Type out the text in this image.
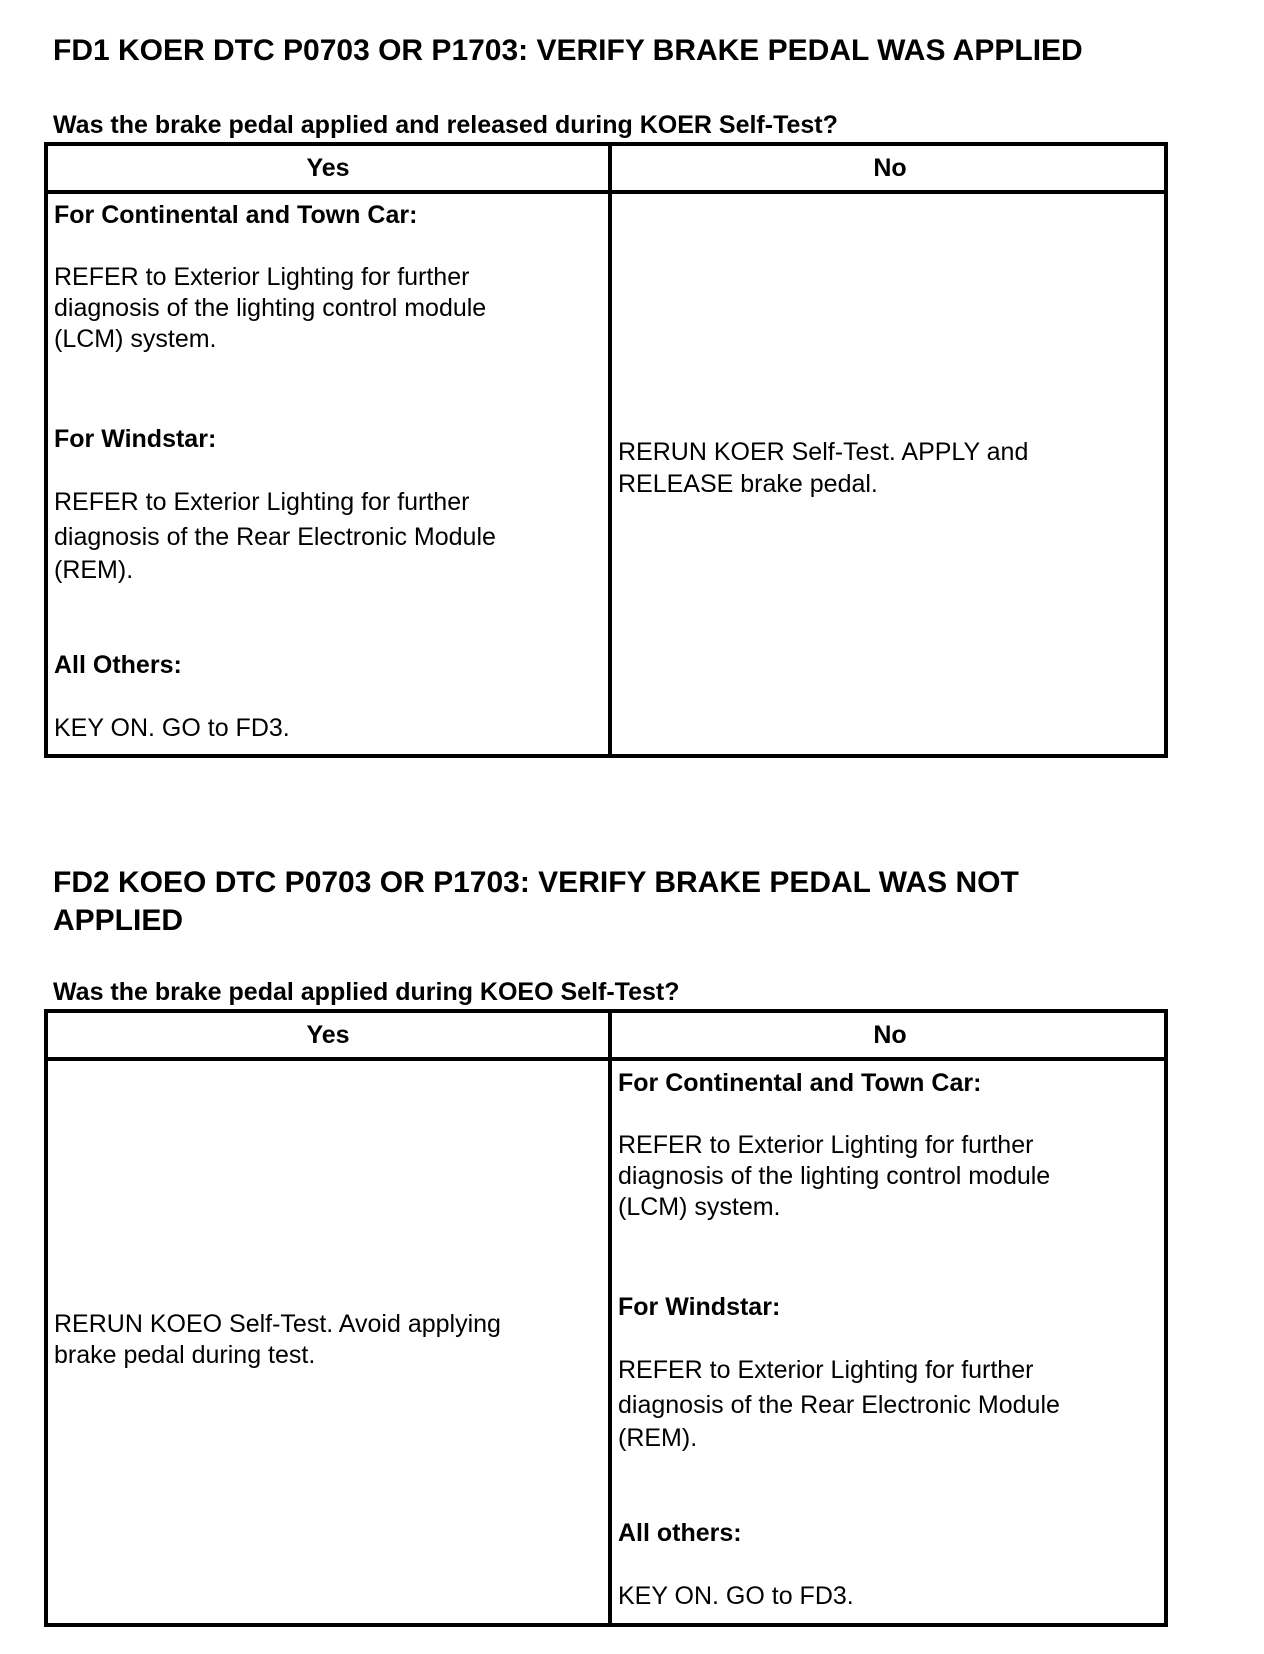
FD1 KOER DTC P0703 OR P1703: VERIFY BRAKE PEDAL WAS APPLIED
Was the brake pedal applied and released during KOER Self-Test?
Yes	No
For Continental and Town Car:
REFER to Exterior Lighting for further
diagnosis of the lighting control module
(LCM) system.
For Windstar:
REFER to Exterior Lighting for further
diagnosis of the Rear Electronic Module
(REM).
All Others:
KEY ON. GO to FD3.
RERUN KOER Self-Test. APPLY and
RELEASE brake pedal.
FD2 KOEO DTC P0703 OR P1703: VERIFY BRAKE PEDAL WAS NOT
APPLIED
Was the brake pedal applied during KOEO Self-Test?
Yes	No
RERUN KOEO Self-Test. Avoid applying
brake pedal during test.
For Continental and Town Car:
REFER to Exterior Lighting for further
diagnosis of the lighting control module
(LCM) system.
For Windstar:
REFER to Exterior Lighting for further
diagnosis of the Rear Electronic Module
(REM).
All others:
KEY ON. GO to FD3.
